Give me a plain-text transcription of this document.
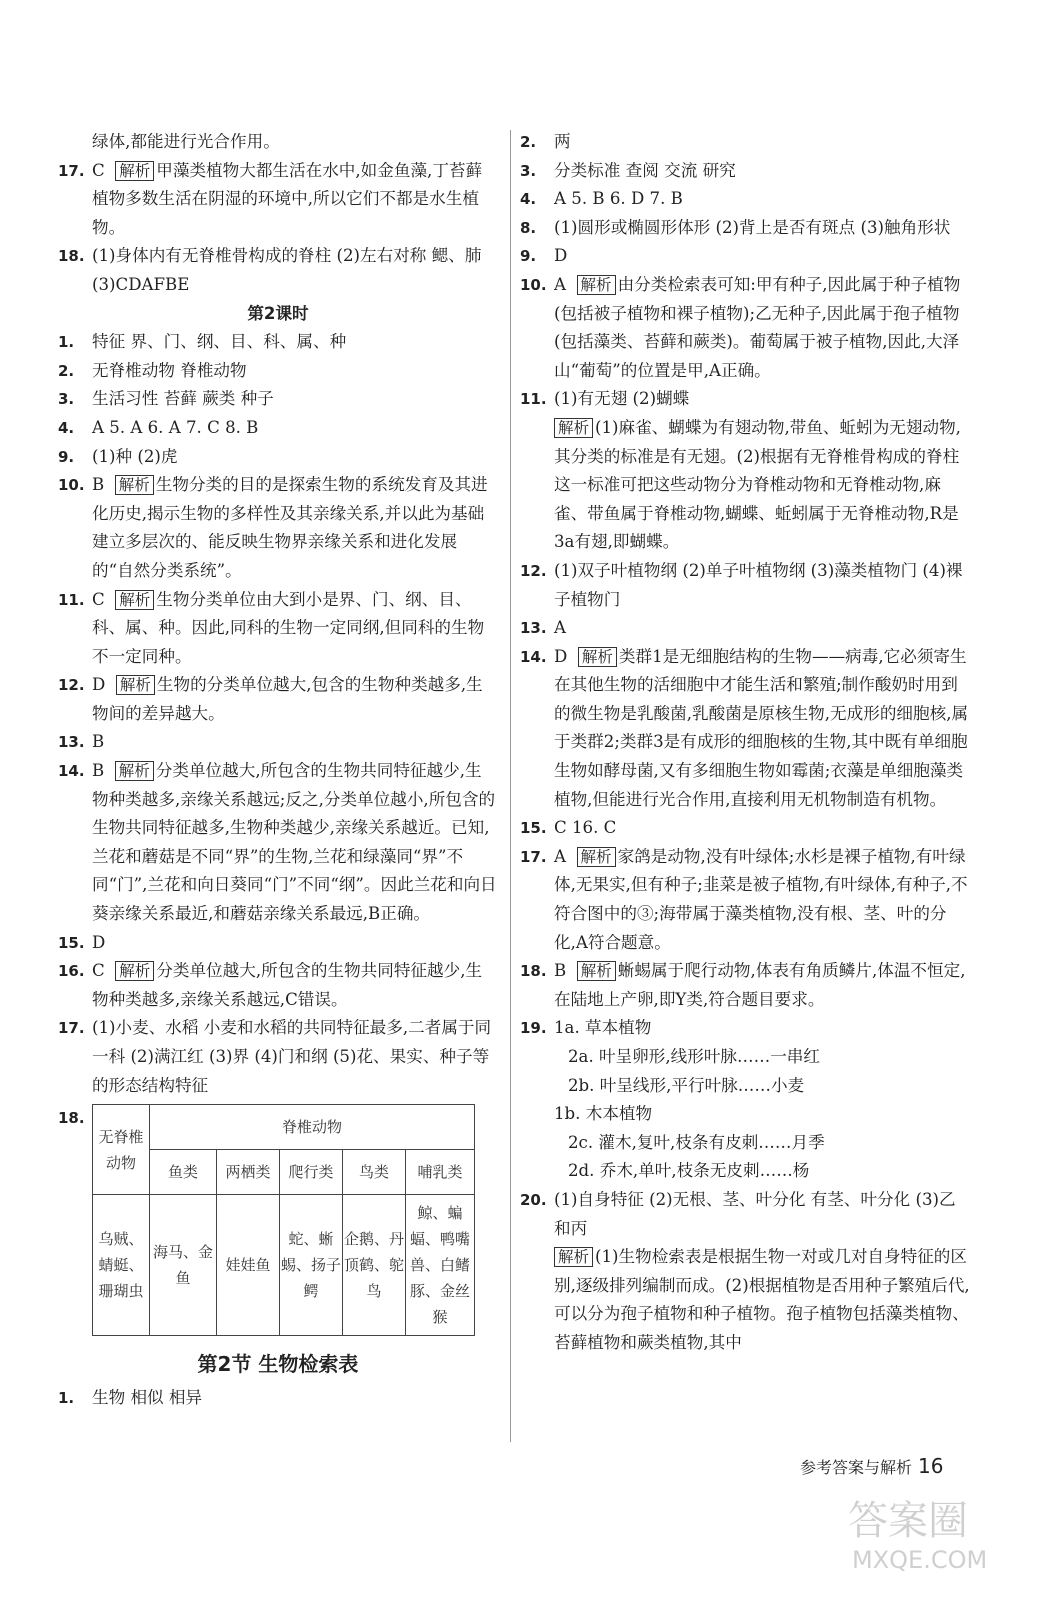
绿体,都能进行光合作用。

17. C 解析 甲藻类植物大都生活在水中,如金鱼藻,丁苔藓植物多数生活在阴湿的环境中,所以它们不都是水生植物。
18. (1)身体内有无脊椎骨构成的脊柱 (2)左右对称 鳃、肺 (3)CDAFBE

第2课时

1. 特征 界、门、纲、目、科、属、种
2. 无脊椎动物 脊椎动物
3. 生活习性 苔藓 蕨类 种子
4. A 5. A 6. A 7. C 8. B
9. (1)种 (2)虎
10. B 解析 生物分类的目的是探索生物的系统发育及其进化历史,揭示生物的多样性及其亲缘关系,并以此为基础建立多层次的、能反映生物界亲缘关系和进化发展的“自然分类系统”。
11. C 解析 生物分类单位由大到小是界、门、纲、目、科、属、种。因此,同科的生物一定同纲,但同科的生物不一定同种。
12. D 解析 生物的分类单位越大,包含的生物种类越多,生物间的差异越大。
13. B
14. B 解析 分类单位越大,所包含的生物共同特征越少,生物种类越多,亲缘关系越远;反之,分类单位越小,所包含的生物共同特征越多,生物种类越少,亲缘关系越近。已知,兰花和蘑菇是不同“界”的生物,兰花和绿藻同“界”不同“门”,兰花和向日葵同“门”不同“纲”。因此兰花和向日葵亲缘关系最近,和蘑菇亲缘关系最远,B正确。
15. D
16. C 解析 分类单位越大,所包含的生物共同特征越少,生物种类越多,亲缘关系越远,C错误。
17. (1)小麦、水稻 小麦和水稻的共同特征最多,二者属于同一科 (2)满江红 (3)界 (4)门和纲 (5)花、果实、种子等的形态结构特征
18.
无脊椎动物	脊椎动物				
	鱼类	两栖类	爬行类	鸟类	哺乳类
乌贼、蜻蜓、珊瑚虫	海马、金鱼	娃娃鱼	蛇、蜥蜴、扬子鳄	企鹅、丹顶鹤、鸵鸟	鲸、蝙蝠、鸭嘴兽、白鳍豚、金丝猴

第2节 生物检索表

1. 生物 相似 相异
2. 两
3. 分类标准 查阅 交流 研究
4. A 5. B 6. D 7. B
8. (1)圆形或椭圆形体形 (2)背上是否有斑点 (3)触角形状
9. D
10. A 解析 由分类检索表可知:甲有种子,因此属于种子植物(包括被子植物和裸子植物);乙无种子,因此属于孢子植物(包括藻类、苔藓和蕨类)。葡萄属于被子植物,因此,大泽山“葡萄”的位置是甲,A正确。
11. (1)有无翅 (2)蝴蝶
解析 (1)麻雀、蝴蝶为有翅动物,带鱼、蚯蚓为无翅动物,其分类的标准是有无翅。(2)根据有无脊椎骨构成的脊柱这一标准可把这些动物分为脊椎动物和无脊椎动物,麻雀、带鱼属于脊椎动物,蝴蝶、蚯蚓属于无脊椎动物,R是3a有翅,即蝴蝶。
12. (1)双子叶植物纲 (2)单子叶植物纲 (3)藻类植物门 (4)裸子植物门
13. A
14. D 解析 类群1是无细胞结构的生物——病毒,它必须寄生在其他生物的活细胞中才能生活和繁殖;制作酸奶时用到的微生物是乳酸菌,乳酸菌是原核生物,无成形的细胞核,属于类群2;类群3是有成形的细胞核的生物,其中既有单细胞生物如酵母菌,又有多细胞生物如霉菌;衣藻是单细胞藻类植物,但能进行光合作用,直接利用无机物制造有机物。
15. C 16. C
17. A 解析 家鸽是动物,没有叶绿体;水杉是裸子植物,有叶绿体,无果实,但有种子;韭菜是被子植物,有叶绿体,有种子,不符合图中的③;海带属于藻类植物,没有根、茎、叶的分化,A符合题意。
18. B 解析 蜥蜴属于爬行动物,体表有角质鳞片,体温不恒定,在陆地上产卵,即Y类,符合题目要求。
19. 1a. 草本植物

2a. 叶呈卵形,线形叶脉……一串红

2b. 叶呈线形,平行叶脉……小麦

1b. 木本植物

2c. 灌木,复叶,枝条有皮刺……月季

2d. 乔木,单叶,枝条无皮刺……杨

20. (1)自身特征 (2)无根、茎、叶分化 有茎、叶分化 (3)乙和丙
解析 (1)生物检索表是根据生物一对或几对自身特征的区别,逐级排列编制而成。(2)根据植物是否用种子繁殖后代,可以分为孢子植物和种子植物。孢子植物包括藻类植物、苔藓植物和蕨类植物,其中
参考答案与解析 16
答案圈
MXQE.COM
